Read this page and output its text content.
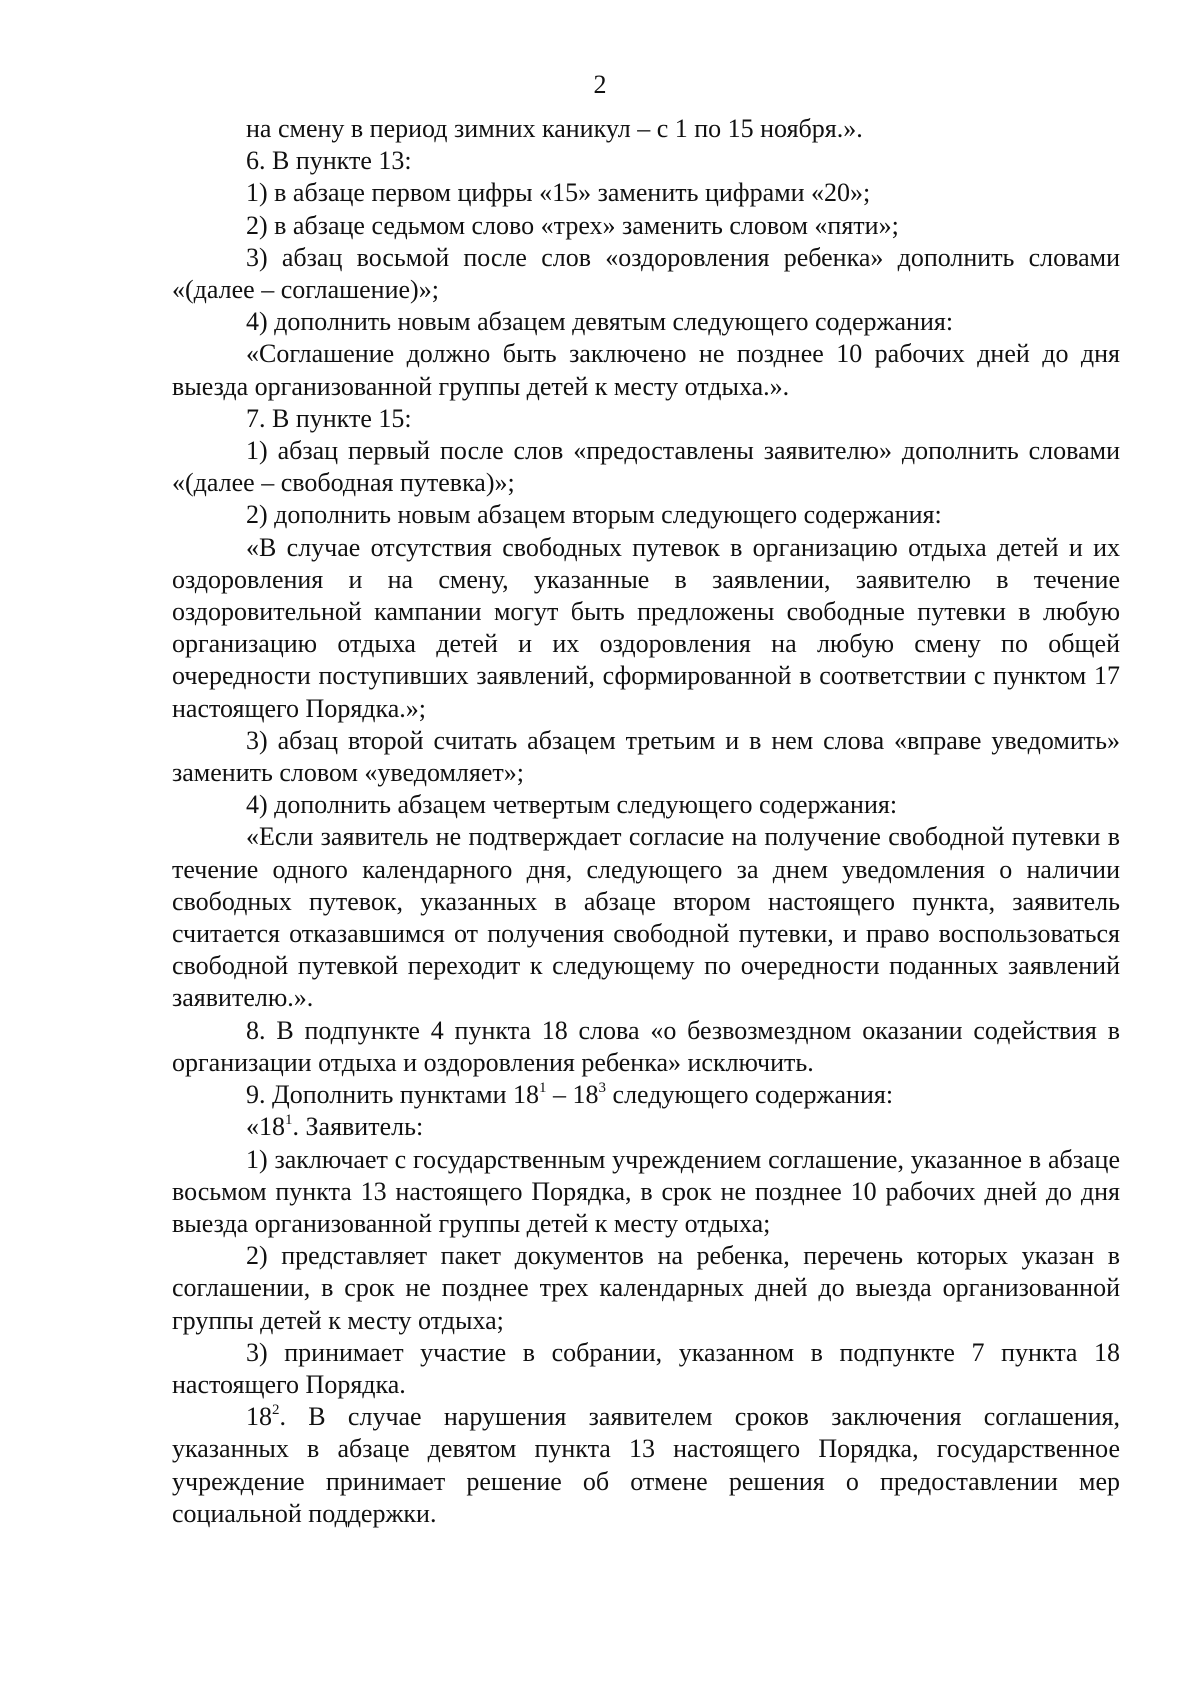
2

на смену в период зимних каникул – с 1 по 15 ноября.».

6. В пункте 13:

1) в абзаце первом цифры «15» заменить цифрами «20»;

2) в абзаце седьмом слово «трех» заменить словом «пяти»;

3) абзац восьмой после слов «оздоровления ребенка» дополнить словами «(далее – соглашение)»;

4) дополнить новым абзацем девятым следующего содержания:

«Соглашение должно быть заключено не позднее 10 рабочих дней до дня выезда организованной группы детей к месту отдыха.».

7. В пункте 15:

1) абзац первый после слов «предоставлены заявителю» дополнить словами «(далее – свободная путевка)»;

2) дополнить новым абзацем вторым следующего содержания:

«В случае отсутствия свободных путевок в организацию отдыха детей и их оздоровления и на смену, указанные в заявлении, заявителю в течение оздоровительной кампании могут быть предложены свободные путевки в любую организацию отдыха детей и их оздоровления на любую смену по общей очередности поступивших заявлений, сформированной в соответствии с пунктом 17 настоящего Порядка.»;

3) абзац второй считать абзацем третьим и в нем слова «вправе уведомить» заменить словом «уведомляет»;

4) дополнить абзацем четвертым следующего содержания:

«Если заявитель не подтверждает согласие на получение свободной путевки в течение одного календарного дня, следующего за днем уведомления о наличии свободных путевок, указанных в абзаце втором настоящего пункта, заявитель считается отказавшимся от получения свободной путевки, и право воспользоваться свободной путевкой переходит к следующему по очередности поданных заявлений заявителю.».

8. В подпункте 4 пункта 18 слова «о безвозмездном оказании содействия в организации отдыха и оздоровления ребенка» исключить.

9. Дополнить пунктами $18^1 - 18^3$ следующего содержания:

«$18^1$. Заявитель:

1) заключает с государственным учреждением соглашение, указанное в абзаце восьмом пункта 13 настоящего Порядка, в срок не позднее 10 рабочих дней до дня выезда организованной группы детей к месту отдыха;

2) представляет пакет документов на ребенка, перечень которых указан в соглашении, в срок не позднее трех календарных дней до выезда организованной группы детей к месту отдыха;

3) принимает участие в собрании, указанном в подпункте 7 пункта 18 настоящего Порядка.

$18^2$. В случае нарушения заявителем сроков заключения соглашения, указанных в абзаце девятом пункта 13 настоящего Порядка, государственное учреждение принимает решение об отмене решения о предоставлении мер социальной поддержки.
